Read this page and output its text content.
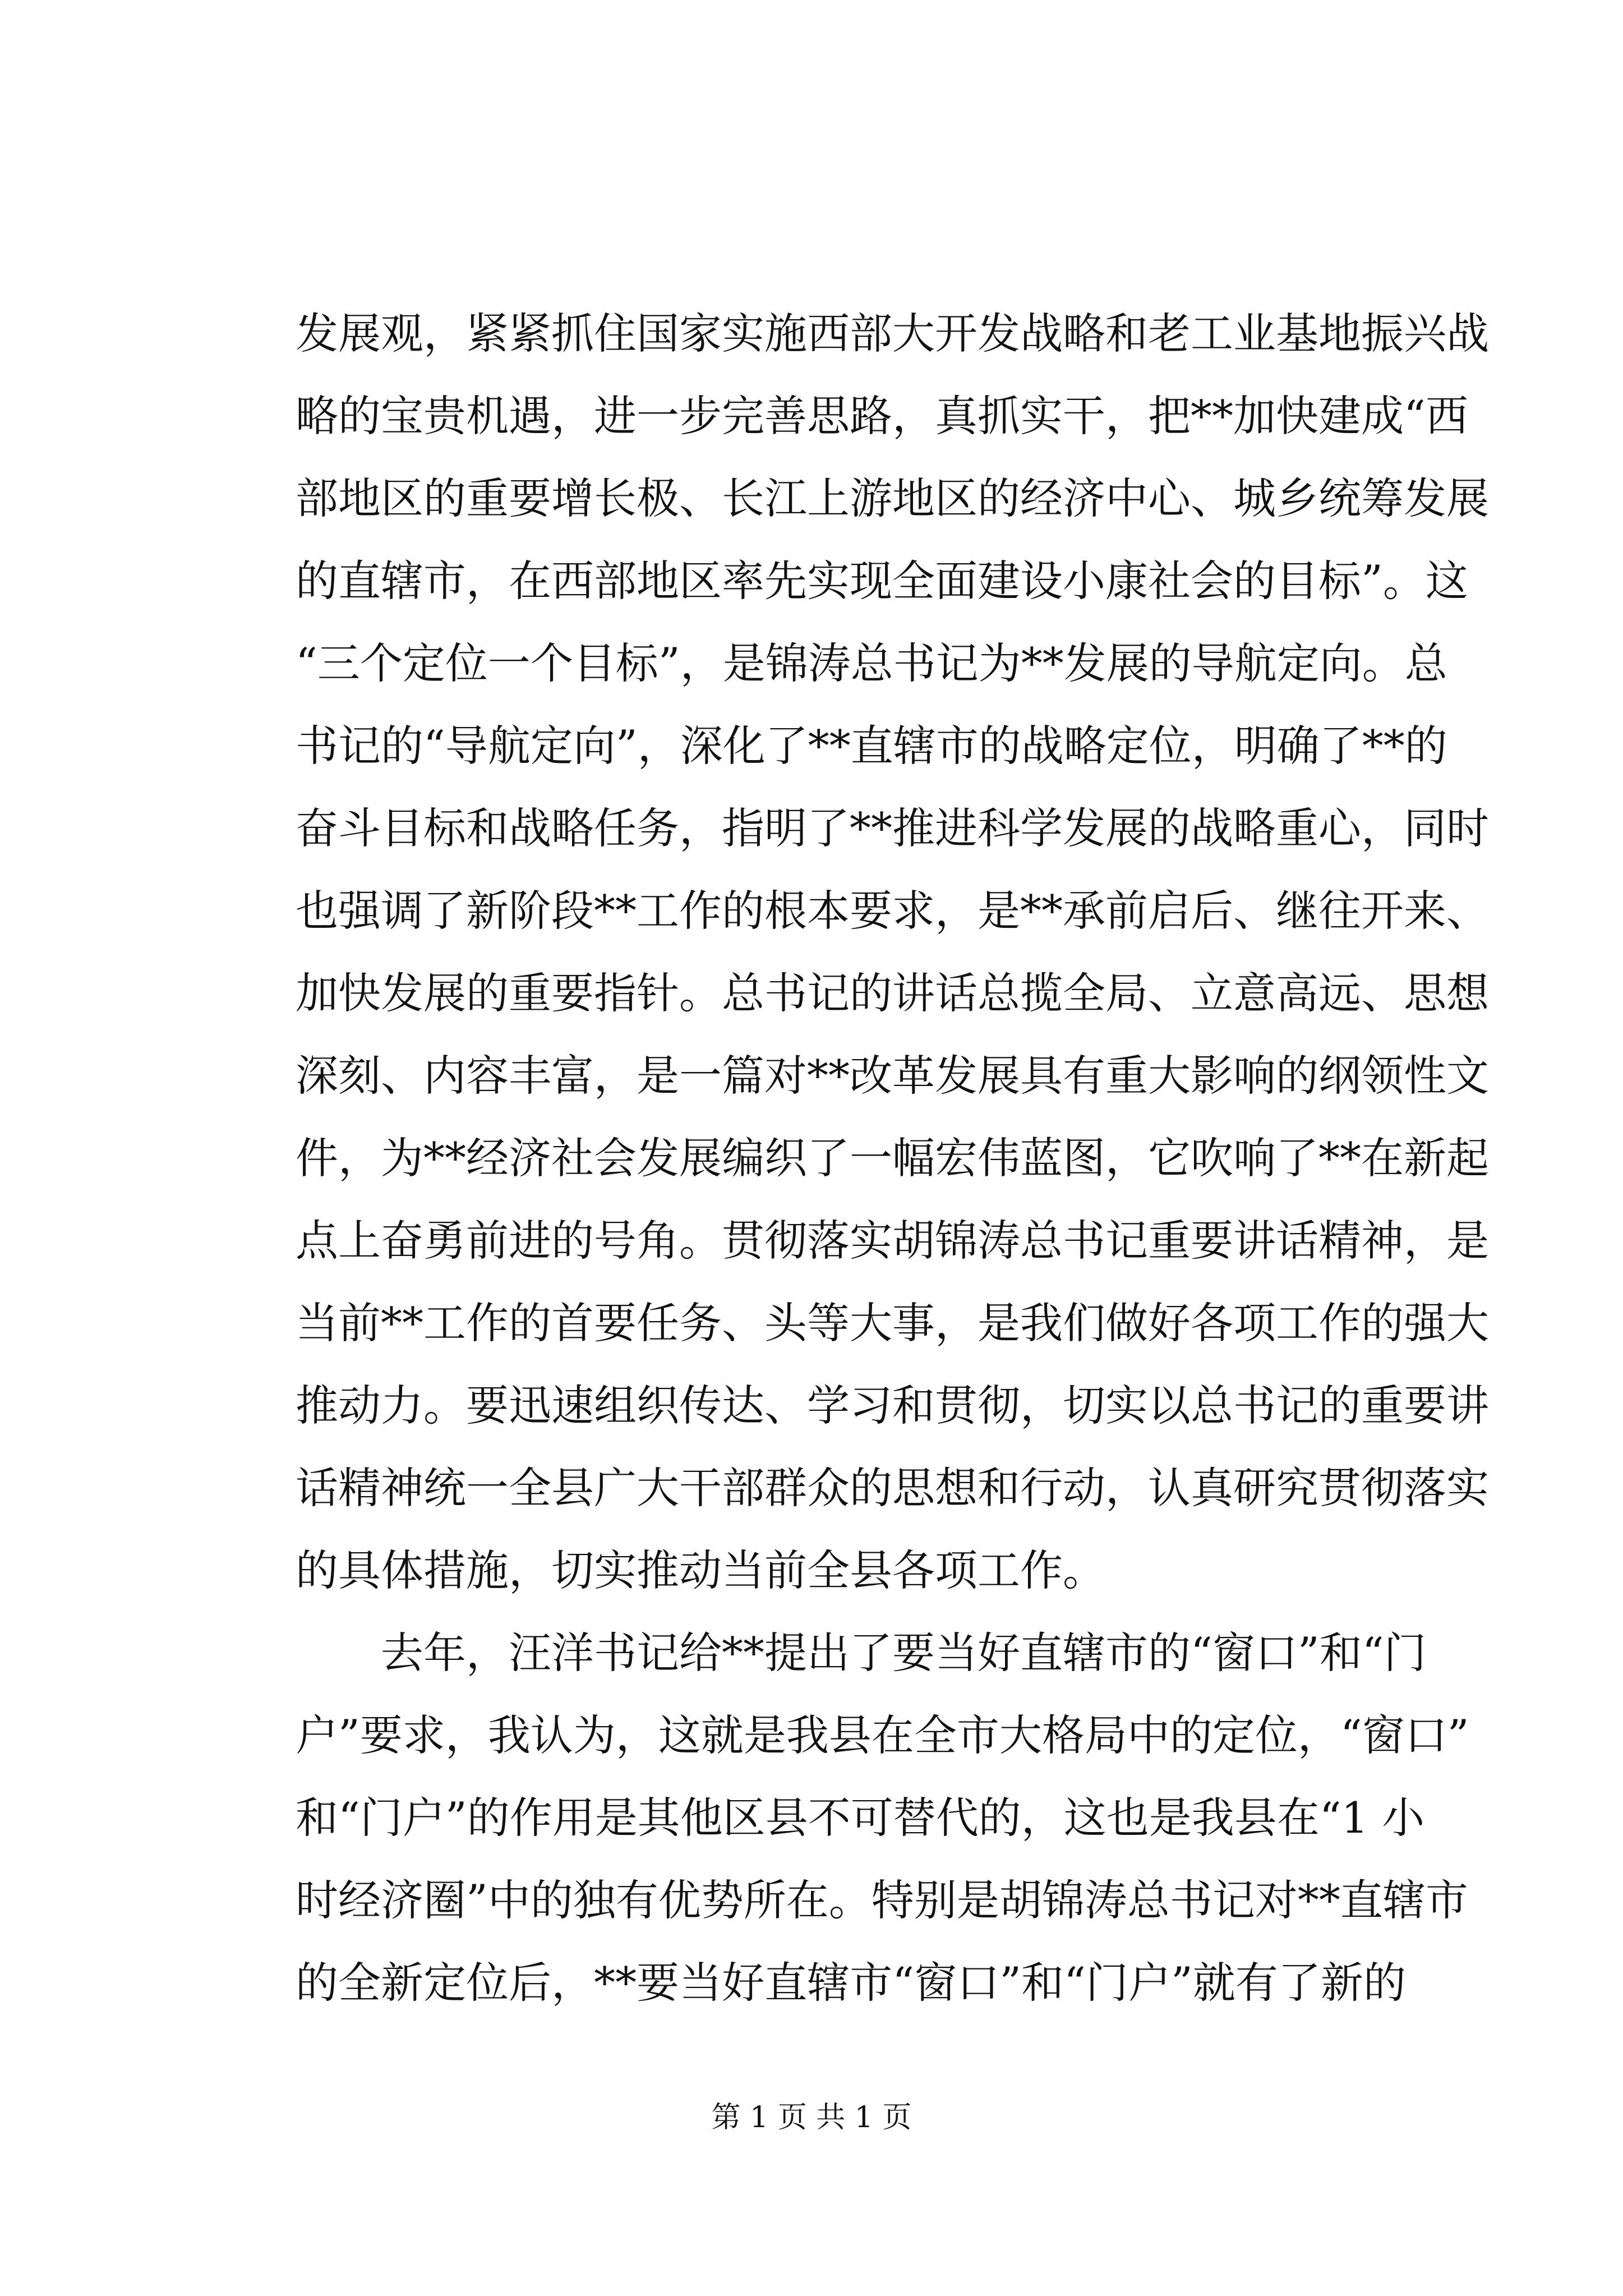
发展观，紧紧抓住国家实施西部大开发战略和老工业基地振兴战
略的宝贵机遇，进一步完善思路，真抓实干，把**加快建成“西
部地区的重要增长极、长江上游地区的经济中心、城乡统筹发展
的直辖市，在西部地区率先实现全面建设小康社会的目标”。这
“三个定位一个目标”，是锦涛总书记为**发展的导航定向。总
书记的“导航定向”，深化了**直辖市的战略定位，明确了**的
奋斗目标和战略任务，指明了**推进科学发展的战略重心，同时
也强调了新阶段**工作的根本要求，是**承前启后、继往开来、
加快发展的重要指针。总书记的讲话总揽全局、立意高远、思想
深刻、内容丰富，是一篇对**改革发展具有重大影响的纲领性文
件，为**经济社会发展编织了一幅宏伟蓝图，它吹响了**在新起
点上奋勇前进的号角。贯彻落实胡锦涛总书记重要讲话精神，是
当前**工作的首要任务、头等大事，是我们做好各项工作的强大
推动力。要迅速组织传达、学习和贯彻，切实以总书记的重要讲
话精神统一全县广大干部群众的思想和行动，认真研究贯彻落实
的具体措施，切实推动当前全县各项工作。
　　去年，汪洋书记给**提出了要当好直辖市的“窗口”和“门
户”要求，我认为，这就是我县在全市大格局中的定位，“窗口”
和“门户”的作用是其他区县不可替代的，这也是我县在“1 小
时经济圈”中的独有优势所在。特别是胡锦涛总书记对**直辖市
的全新定位后，**要当好直辖市“窗口”和“门户”就有了新的
第 1 页 共 1 页
